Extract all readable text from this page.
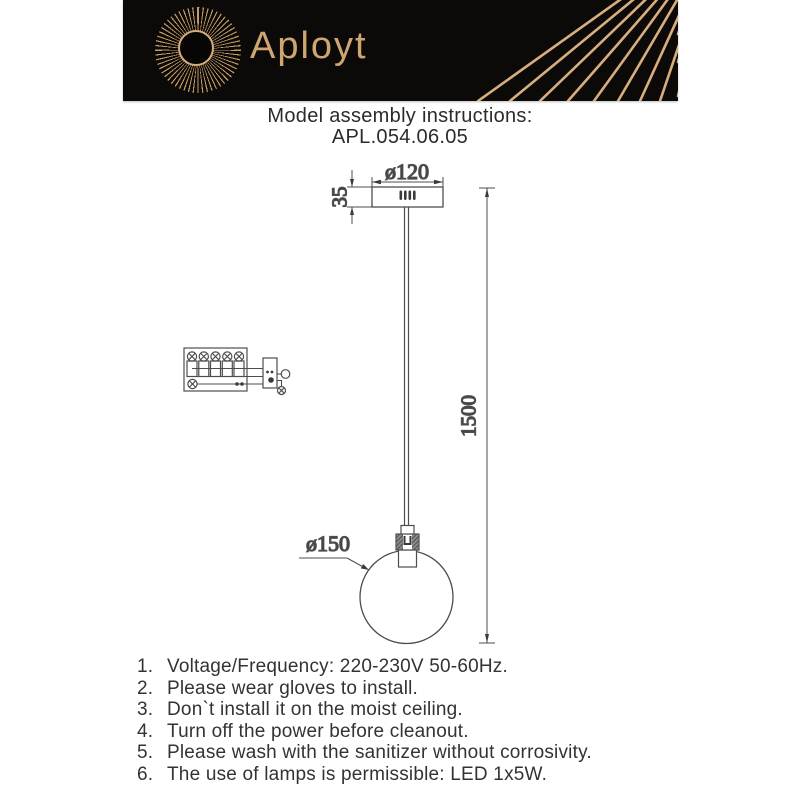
Aployt
Model assembly instructions:
APL.054.06.05
ø120
35
1500
ø150
1. Voltage/Frequency: 220-230V 50-60Hz.
2. Please wear gloves to install.
3. Don`t install it on the moist ceiling.
4. Turn off the power before cleanout.
5. Please wash with the sanitizer without corrosivity.
6. The use of lamps is permissible: LED 1x5W.
